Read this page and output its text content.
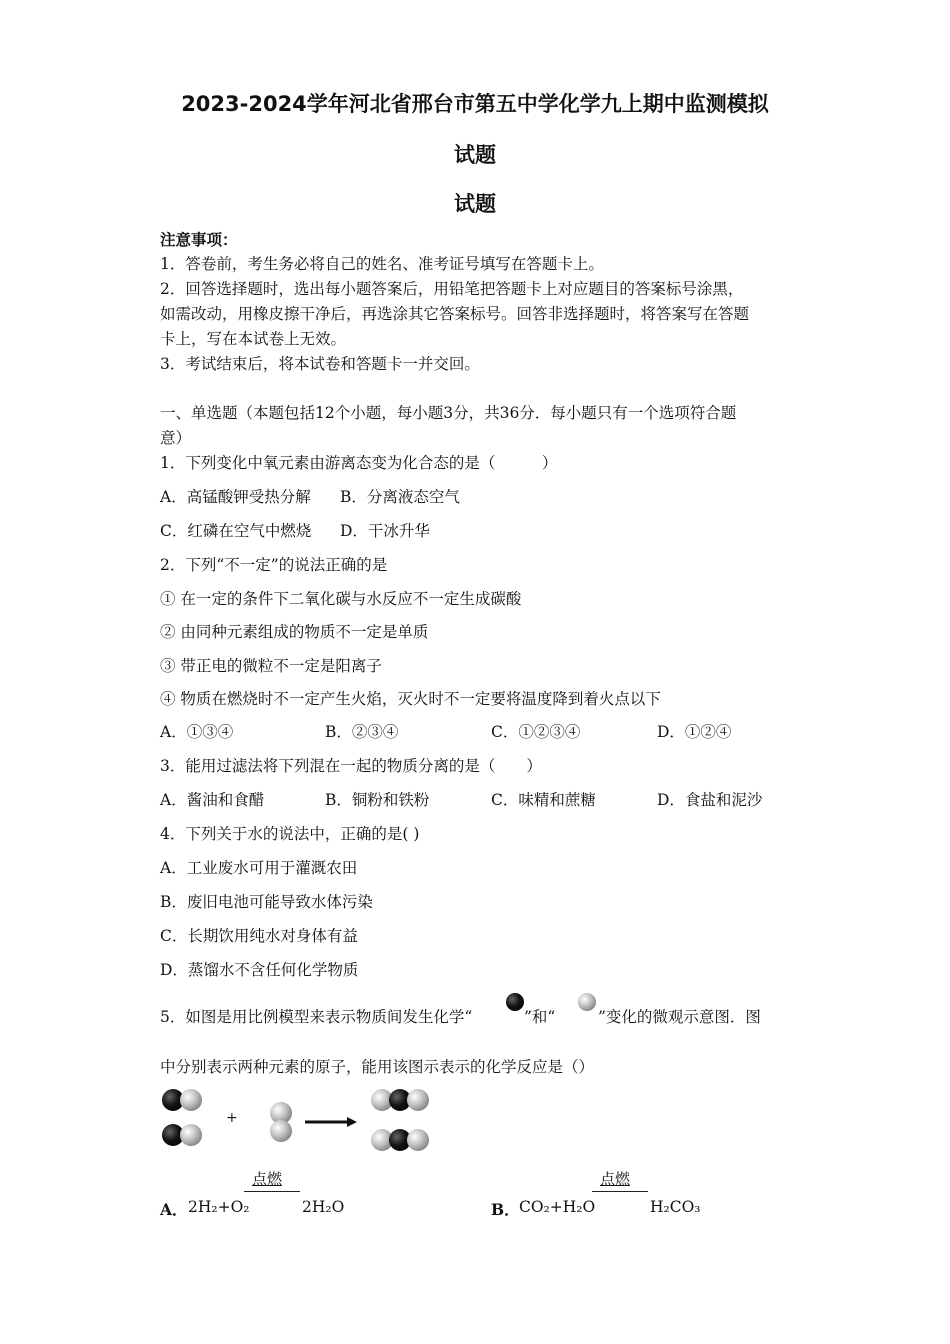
2023-2024学年河北省邢台市第五中学化学九上期中监测模拟
试题
试题
注意事项：
1．答卷前，考生务必将自己的姓名、准考证号填写在答题卡上。
2．回答选择题时，选出每小题答案后，用铅笔把答题卡上对应题目的答案标号涂黑，
如需改动，用橡皮擦干净后，再选涂其它答案标号。回答非选择题时，将答案写在答题
卡上，写在本试卷上无效。
3．考试结束后，将本试卷和答题卡一并交回。
一、单选题（本题包括12个小题，每小题3分，共36分．每小题只有一个选项符合题
意）
1．下列变化中氧元素由游离态变为化合态的是（　　　）
A．高锰酸钾受热分解 B．分离液态空气
C．红磷在空气中燃烧 D．干冰升华
2．下列“不一定”的说法正确的是
① 在一定的条件下二氧化碳与水反应不一定生成碳酸
② 由同种元素组成的物质不一定是单质
③ 带正电的微粒不一定是阳离子
④ 物质在燃烧时不一定产生火焰，灭火时不一定要将温度降到着火点以下
A．①③④	B．②③④	C．①②③④	D．①②④
3．能用过滤法将下列混在一起的物质分离的是（　　）
A．酱油和食醋	B．铜粉和铁粉	C．味精和蔗糖	D．食盐和泥沙
4．下列关于水的说法中，正确的是( )
A．工业废水可用于灌溉农田
B．废旧电池可能导致水体污染
C．长期饮用纯水对身体有益
D．蒸馏水不含任何化学物质
5．如图是用比例模型来表示物质间发生化学“	”和“	”变化的微观示意图．图
中分别表示两种元素的原子，能用该图示表示的化学反应是（）
+
点燃
A． 2H₂+O₂	2H₂O
点燃
B． CO₂+H₂O	H₂CO₃
